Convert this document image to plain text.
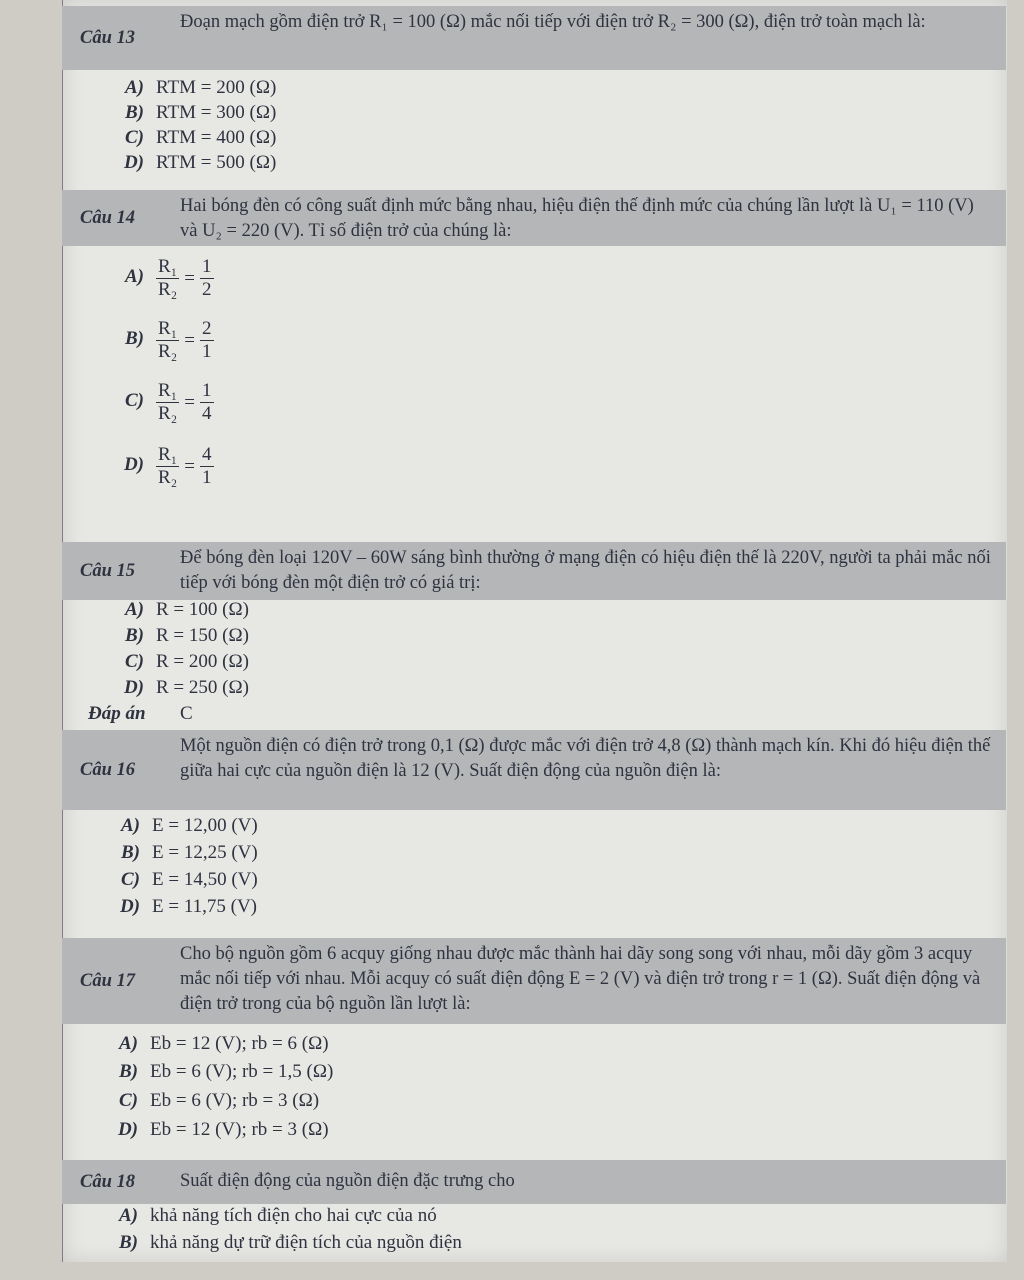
Câu 13
Đoạn mạch gồm điện trở R₁ = 100 (Ω) mắc nối tiếp với điện trở R₂ = 300 (Ω), điện trở toàn mạch là:
A) RTM = 200 (Ω)
B) RTM = 300 (Ω)
C) RTM = 400 (Ω)
D) RTM = 500 (Ω)
Câu 14
Hai bóng đèn có công suất định mức bằng nhau, hiệu điện thế định mức của chúng lần lượt là U₁ = 110 (V) và U₂ = 220 (V). Tỉ số điện trở của chúng là:
A) R₁
R₂
=
1
2
B) R₁
R₂
=
2
1
C) R₁
R₂
=
1
4
D) R₁
R₂
=
4
1
Câu 15
Để bóng đèn loại 120V – 60W sáng bình thường ở mạng điện có hiệu điện thế là 220V, người ta phải mắc nối tiếp với bóng đèn một điện trở có giá trị:
A) R = 100 (Ω)
B) R = 150 (Ω)
C) R = 200 (Ω)
D) R = 250 (Ω)
Đáp án C
Câu 16
Một nguồn điện có điện trở trong 0,1 (Ω) được mắc với điện trở 4,8 (Ω) thành mạch kín. Khi đó hiệu điện thế giữa hai cực của nguồn điện là 12 (V). Suất điện động của nguồn điện là:
A) E = 12,00 (V)
B) E = 12,25 (V)
C) E = 14,50 (V)
D) E = 11,75 (V)
Câu 17
Cho bộ nguồn gồm 6 acquy giống nhau được mắc thành hai dãy song song với nhau, mỗi dãy gồm 3 acquy mắc nối tiếp với nhau. Mỗi acquy có suất điện động E = 2 (V) và điện trở trong r = 1 (Ω). Suất điện động và điện trở trong của bộ nguồn lần lượt là:
A) Eb = 12 (V); rb = 6 (Ω)
B) Eb = 6 (V); rb = 1,5 (Ω)
C) Eb = 6 (V); rb = 3 (Ω)
D) Eb = 12 (V); rb = 3 (Ω)
Câu 18	Suất điện động của nguồn điện đặc trưng cho
A) khả năng tích điện cho hai cực của nó
B) khả năng dự trữ điện tích của nguồn điện
